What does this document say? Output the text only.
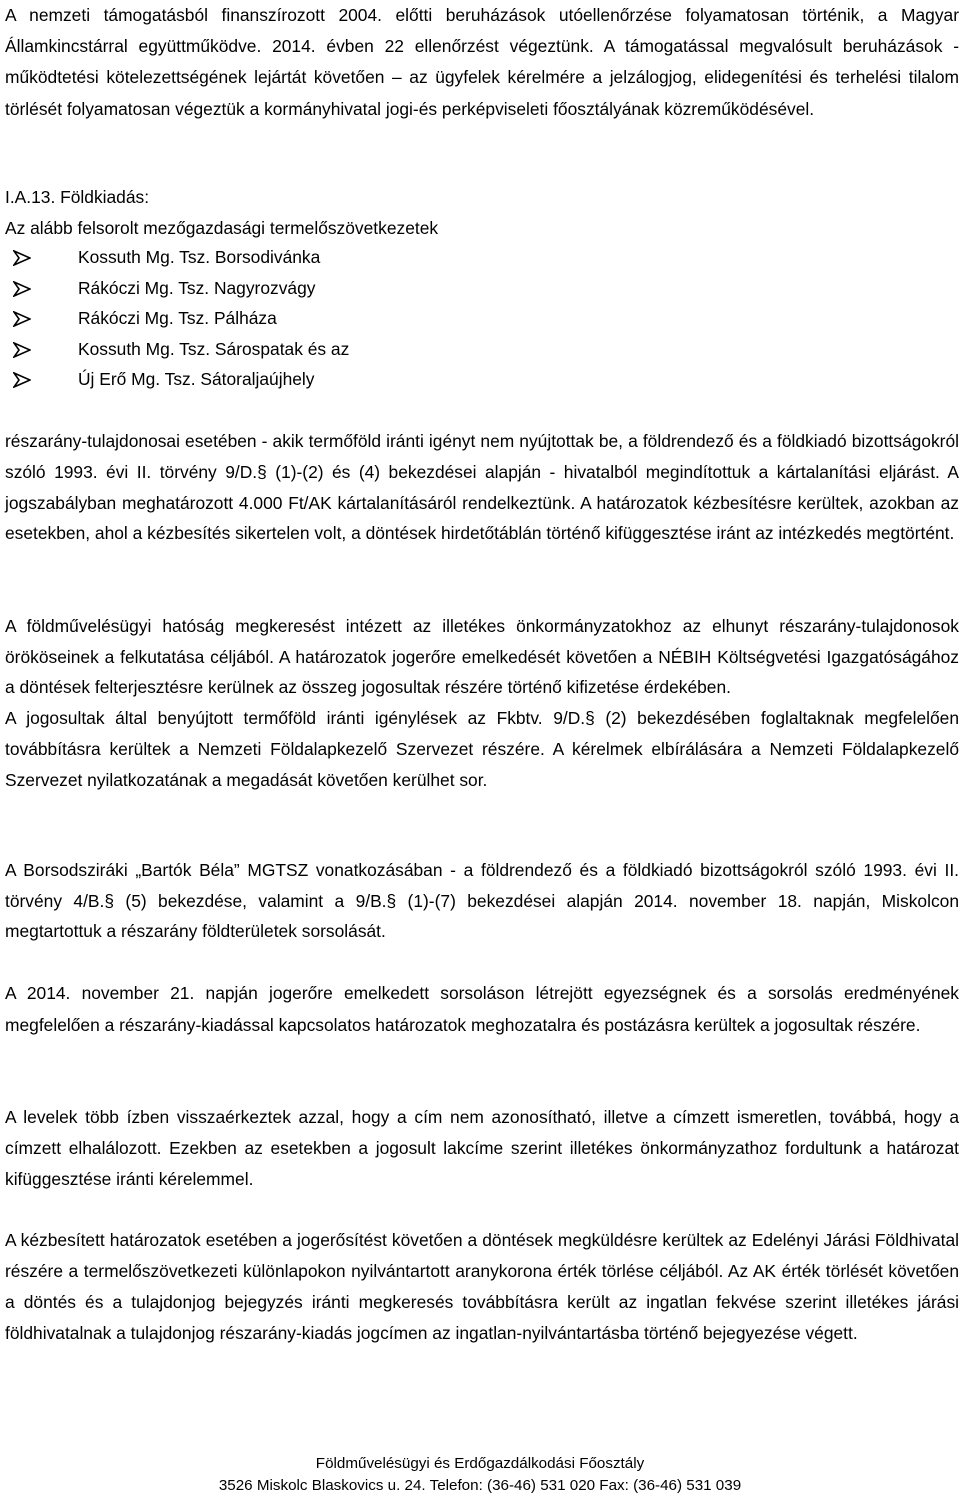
A nemzeti támogatásból finanszírozott 2004. előtti beruházások utóellenőrzése folyamatosan történik, a Magyar Államkincstárral együttműködve. 2014. évben 22 ellenőrzést végeztünk. A támogatással megvalósult beruházások - működtetési kötelezettségének lejártát követően – az ügyfelek kérelmére a jelzálogjog, elidegenítési és terhelési tilalom törlését folyamatosan végeztük a kormányhivatal jogi-és perképviseleti főosztályának közreműködésével.

I.A.13. Földkiadás:
Az alább felsorolt mezőgazdasági termelőszövetkezetek
Kossuth Mg. Tsz. Borsodivánka
Rákóczi Mg. Tsz. Nagyrozvágy
Rákóczi Mg. Tsz. Pálháza
Kossuth Mg. Tsz. Sárospatak és az
Új Erő Mg. Tsz. Sátoraljaújhely

részarány-tulajdonosai esetében - akik termőföld iránti igényt nem nyújtottak be, a földrendező és a földkiadó bizottságokról szóló 1993. évi II. törvény 9/D.§ (1)-(2) és (4) bekezdései alapján - hivatalból megindítottuk a kártalanítási eljárást. A jogszabályban meghatározott 4.000 Ft/AK kártalanításáról rendelkeztünk. A határozatok kézbesítésre kerültek, azokban az esetekben, ahol a kézbesítés sikertelen volt, a döntések hirdetőtáblán történő kifüggesztése iránt az intézkedés megtörtént.

A földművelésügyi hatóság megkeresést intézett az illetékes önkormányzatokhoz az elhunyt részarány-tulajdonosok örököseinek a felkutatása céljából. A határozatok jogerőre emelkedését követően a NÉBIH Költségvetési Igazgatóságához a döntések felterjesztésre kerülnek az összeg jogosultak részére történő kifizetése érdekében.
A jogosultak által benyújtott termőföld iránti igénylések az Fkbtv. 9/D.§ (2) bekezdésében foglaltaknak megfelelően továbbításra kerültek a Nemzeti Földalapkezelő Szervezet részére. A kérelmek elbírálására a Nemzeti Földalapkezelő Szervezet nyilatkozatának a megadását követően kerülhet sor.

A Borsodsziráki „Bartók Béla” MGTSZ vonatkozásában - a földrendező és a földkiadó bizottságokról szóló 1993. évi II. törvény 4/B.§ (5) bekezdése, valamint a 9/B.§ (1)-(7) bekezdései alapján 2014. november 18. napján, Miskolcon megtartottuk a részarány földterületek sorsolását.

A 2014. november 21. napján jogerőre emelkedett sorsoláson létrejött egyezségnek és a sorsolás eredményének megfelelően a részarány-kiadással kapcsolatos határozatok meghozatalra és postázásra kerültek a jogosultak részére.

A levelek több ízben visszaérkeztek azzal, hogy a cím nem azonosítható, illetve a címzett ismeretlen, továbbá, hogy a címzett elhalálozott. Ezekben az esetekben a jogosult lakcíme szerint illetékes önkormányzathoz fordultunk a határozat kifüggesztése iránti kérelemmel.

A kézbesített határozatok esetében a jogerősítést követően a döntések megküldésre kerültek az Edelényi Járási Földhivatal részére a termelőszövetkezeti különlapokon nyilvántartott aranykorona érték törlése céljából. Az AK érték törlését követően a döntés és a tulajdonjog bejegyzés iránti megkeresés továbbításra került az ingatlan fekvése szerint illetékes járási földhivatalnak a tulajdonjog részarány-kiadás jogcímen az ingatlan-nyilvántartásba történő bejegyezése végett.

Földművelésügyi és Erdőgazdálkodási Főosztály
3526 Miskolc Blaskovics u. 24. Telefon: (36-46) 531 020 Fax: (36-46) 531 039
